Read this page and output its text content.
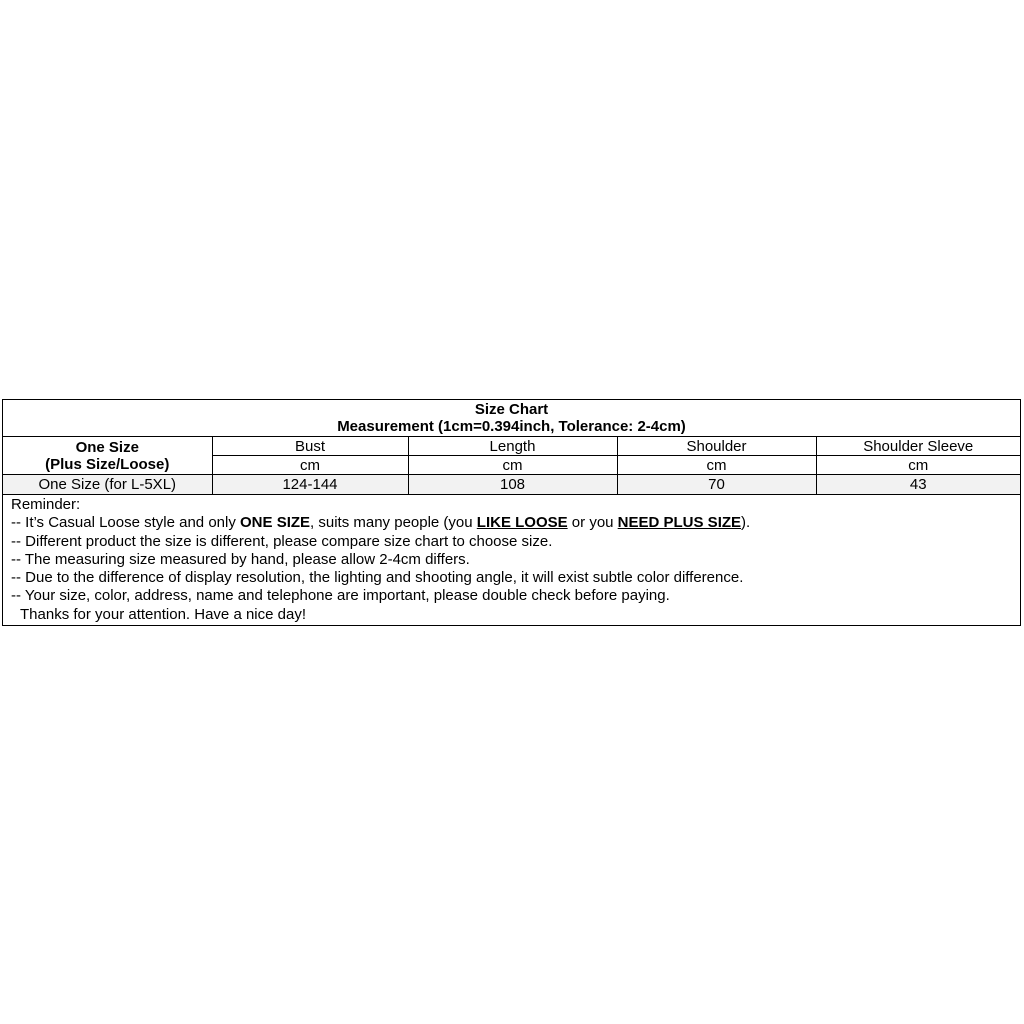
Size Chart
Measurement (1cm=0.394inch, Tolerance: 2-4cm)				

One Size
(Plus Size/Loose)	Bust	Length	Shoulder	Shoulder Sleeve
	cm	cm	cm	cm
One Size (for L-5XL)	124-144	108	70	43
Reminder:
-- It’s Casual Loose style and only ONE SIZE, suits many people (you LIKE LOOSE or you NEED PLUS SIZE).
-- Different product the size is different, please compare size chart to choose size.
-- The measuring size measured by hand, please allow 2-4cm differs.
-- Due to the difference of display resolution, the lighting and shooting angle, it will exist subtle color difference.
-- Your size, color, address, name and telephone are important, please double check before paying.
Thanks for your attention. Have a nice day!
